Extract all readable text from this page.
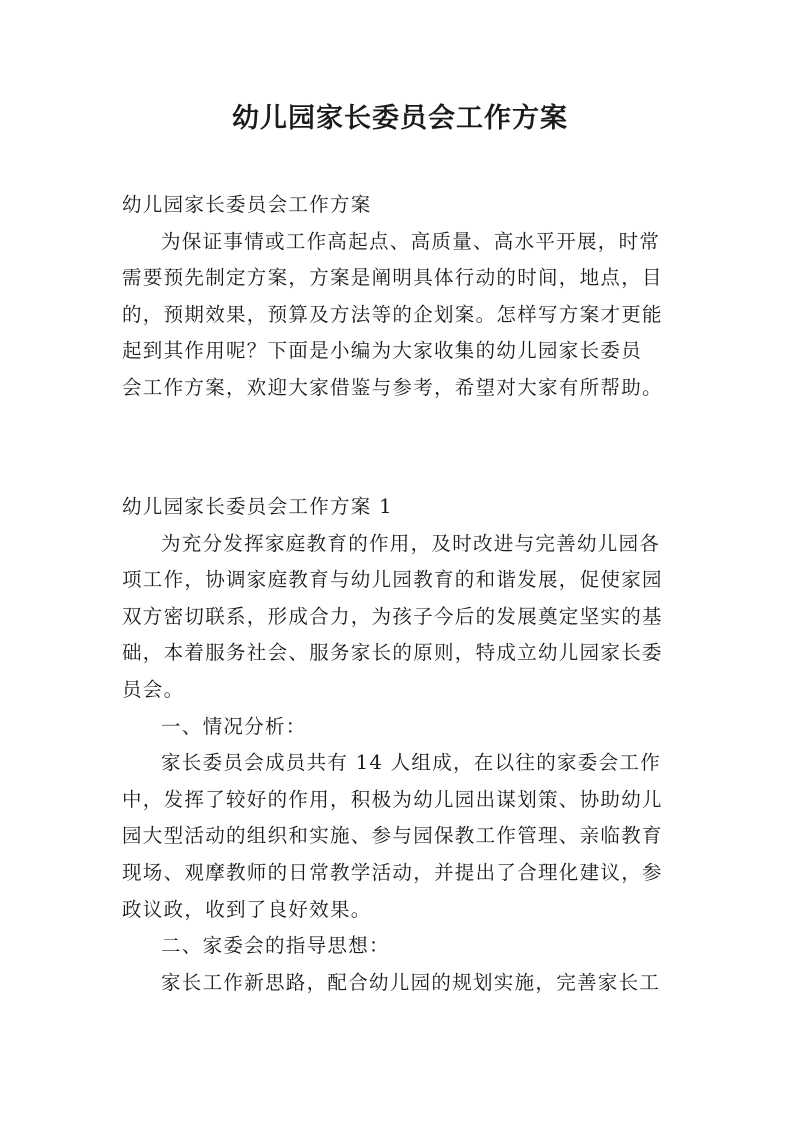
幼儿园家长委员会工作方案
幼儿园家长委员会工作方案
为保证事情或工作高起点、高质量、高水平开展，时常
需要预先制定方案，方案是阐明具体行动的时间，地点，目
的，预期效果，预算及方法等的企划案。怎样写方案才更能
起到其作用呢？下面是小编为大家收集的幼儿园家长委员
会工作方案，欢迎大家借鉴与参考，希望对大家有所帮助。
幼儿园家长委员会工作方案 1
为充分发挥家庭教育的作用，及时改进与完善幼儿园各
项工作，协调家庭教育与幼儿园教育的和谐发展，促使家园
双方密切联系，形成合力，为孩子今后的发展奠定坚实的基
础，本着服务社会、服务家长的原则，特成立幼儿园家长委
员会。
一、情况分析：
家长委员会成员共有 14 人组成，在以往的家委会工作
中，发挥了较好的作用，积极为幼儿园出谋划策、协助幼儿
园大型活动的组织和实施、参与园保教工作管理、亲临教育
现场、观摩教师的日常教学活动，并提出了合理化建议，参
政议政，收到了良好效果。
二、家委会的指导思想：
家长工作新思路，配合幼儿园的规划实施，完善家长工
